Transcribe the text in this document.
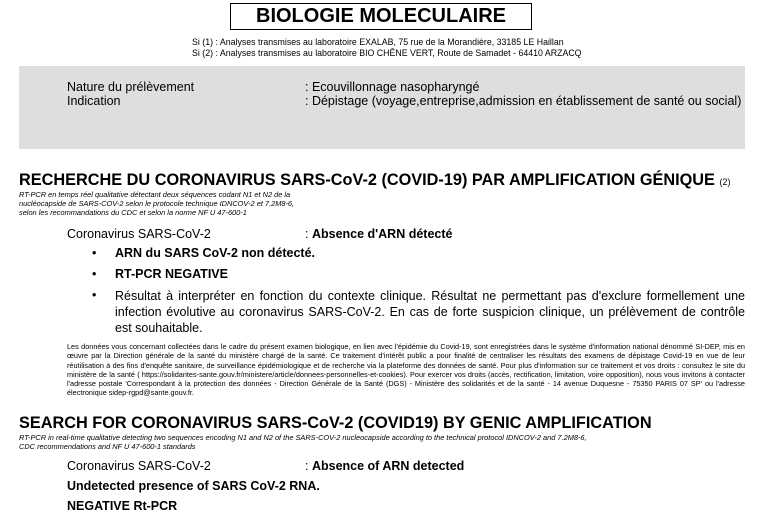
BIOLOGIE MOLECULAIRE
Si (1) : Analyses transmises au laboratoire EXALAB, 75 rue de la Morandière, 33185 LE Haillan
Si (2) : Analyses transmises au laboratoire BIO CHÊNE VERT, Route de Samadet - 64410 ARZACQ
Nature du prélèvement	: Ecouvillonnage nasopharyngé
Indication	: Dépistage (voyage,entreprise,admission en établissement de santé ou social)
RECHERCHE DU CORONAVIRUS SARS-CoV-2 (COVID-19) PAR AMPLIFICATION GÉNIQUE (2)
RT-PCR en temps réel qualitative détectant deux séquences codant N1 et N2 de la
nucléocapside de SARS-COV-2 selon le protocole technique IDNCOV-2 et 7.2M8-6,
selon les recommandations du CDC et selon la norme NF U 47-600-1
Coronavirus SARS-CoV-2	: Absence d'ARN détecté
• ARN du SARS CoV-2 non détecté.
• RT-PCR NEGATIVE
• Résultat à interpréter en fonction du contexte clinique. Résultat ne permettant pas d'exclure formellement une infection évolutive au coronavirus SARS-CoV-2. En cas de forte suspicion clinique, un prélèvement de contrôle est souhaitable.
Les données vous concernant collectées dans le cadre du présent examen biologique, en lien avec l'épidémie du Covid-19, sont enregistrées dans le système d'information national dénommé SI-DEP, mis en œuvre par la Direction générale de la santé du ministère chargé de la santé. Ce traitement d'intérêt public a pour finalité de centraliser les résultats des examens de dépistage Covid-19 en vue de leur réutilisation à des fins d'enquête sanitaire, de surveillance épidémiologique et de recherche via la plateforme des données de santé. Pour plus d'information sur ce traitement et vos droits : consultez le site du ministère de la santé ( https://solidarites-sante.gouv.fr/ministere/article/donnees-personnelles-et-cookies). Pour exercer vos droits (accès, rectification, limitation, voire opposition), nous vous invitons à contacter l'adresse postale 'Correspondant à la protection des données - Direction Générale de la Santé (DGS) - Ministère des solidarités et de la santé - 14 avenue Duquesne - 75350 PARIS 07 SP' ou l'adresse électronique sidep-rgpd@sante.gouv.fr.
SEARCH FOR CORONAVIRUS SARS-CoV-2 (COVID19) BY GENIC AMPLIFICATION
RT-PCR in real-time qualitative detecting two sequences encoding N1 and N2 of the SARS-COV-2 nucleocapside according to the technical protocol IDNCOV-2 and 7.2M8-6,
CDC recommendations and NF U 47-600-1 standards
Coronavirus SARS-CoV-2	: Absence of ARN detected
Undetected presence of SARS CoV-2 RNA.
NEGATIVE Rt-PCR
